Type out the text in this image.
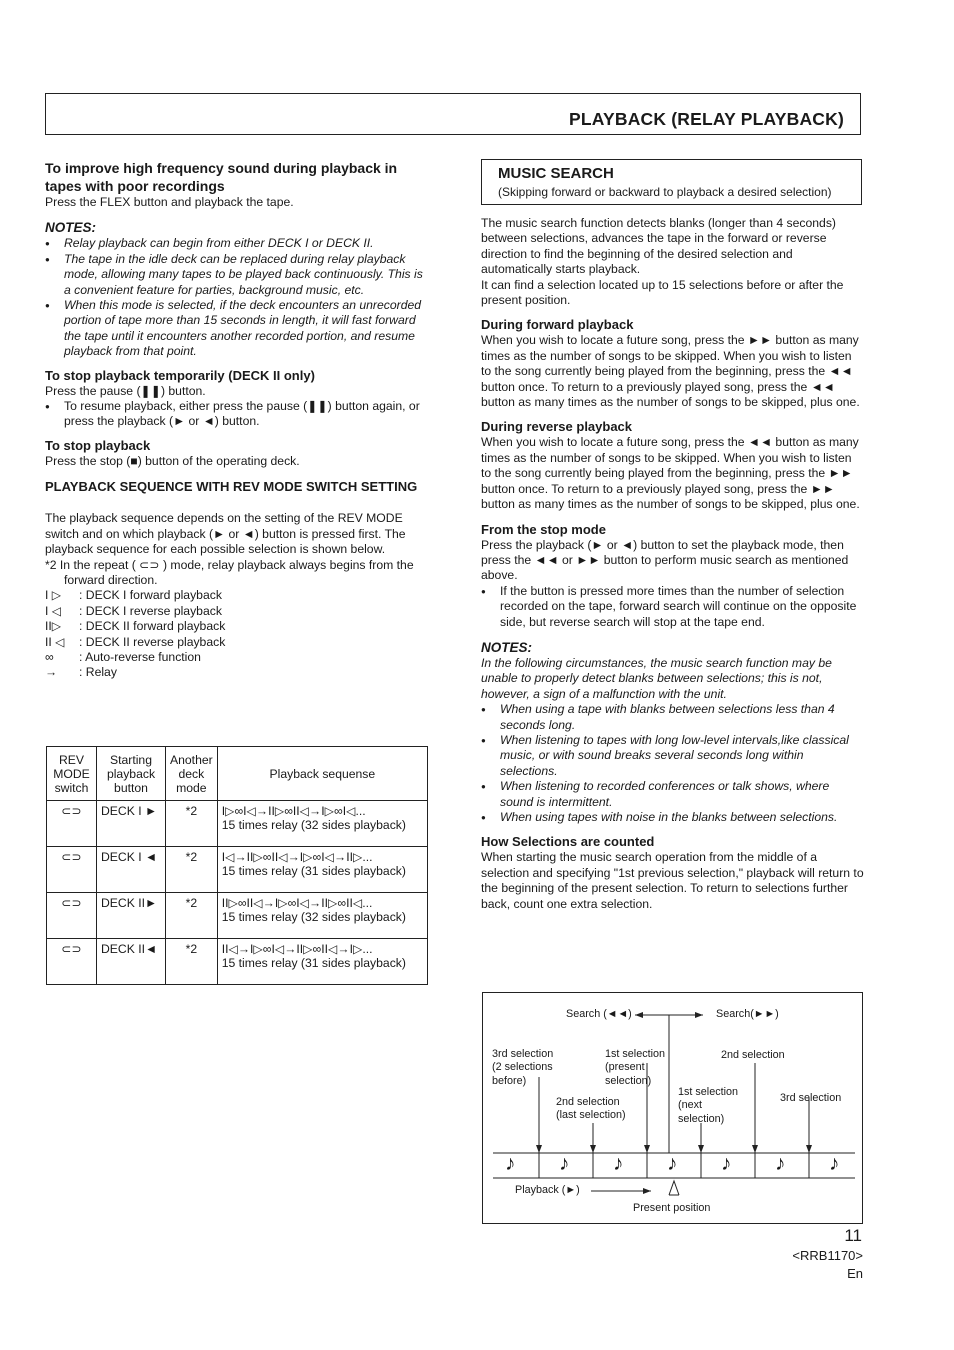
PLAYBACK (RELAY PLAYBACK)

To improve high frequency sound during playback in tapes with poor recordings

Press the FLEX button and playback the tape.

NOTES:

● Relay playback can begin from either DECK I or DECK II.
● The tape in the idle deck can be replaced during relay playback mode, allowing many tapes to be played back continuously. This is a convenient feature for parties, background music, etc.
● When this mode is selected, if the deck encounters an unrecorded portion of tape more than 15 seconds in length, it will fast forward the tape until it encounters another recorded portion, and resume playback from that point.

To stop playback temporarily (DECK II only)

Press the pause (❚❚) button.

● To resume playback, either press the pause (❚❚) button again, or press the playback (► or ◄) button.

To stop playback

Press the stop (■) button of the operating deck.

PLAYBACK SEQUENCE WITH REV MODE SWITCH SETTING

The playback sequence depends on the setting of the REV MODE switch and on which playback (► or ◄) button is pressed first. The playback sequence for each possible selection is shown below.

*2 In the repeat ( ⊂⊃ ) mode, relay playback always begins from the forward direction.

I ▷	: DECK I forward playback
I ◁	: DECK I reverse playback
II▷	: DECK II forward playback
II ◁	: DECK II reverse playback
∞	: Auto-reverse function
→	: Relay
REV MODE switch	Starting playback button	Another deck mode	Playback sequense
⊂⊃	DECK I ►	*2	I▷∞I◁→II▷∞II◁→I▷∞I◁...
15 times relay (32 sides playback)

⊂⊃	DECK I ◄	*2	I◁→II▷∞II◁→I▷∞I◁→II▷...
15 times relay (31 sides playback)

⊂⊃	DECK II►	*2	II▷∞II◁→I▷∞I◁→II▷∞II◁...
15 times relay (32 sides playback)

⊂⊃	DECK II◄	*2	II◁→I▷∞I◁→II▷∞II◁→I▷...
15 times relay (31 sides playback)
MUSIC SEARCH
(Skipping forward or backward to playback a desired selection)

The music search function detects blanks (longer than 4 seconds) between selections, advances the tape in the forward or reverse direction to find the beginning of the desired selection and automatically starts playback.

It can find a selection located up to 15 selections before or after the present position.

During forward playback

When you wish to locate a future song, press the ►► button as many times as the number of songs to be skipped. When you wish to listen to the song currently being played from the beginning, press the ◄◄ button once. To return to a previously played song, press the ◄◄ button as many times as the number of songs to be skipped, plus one.

During reverse playback

When you wish to locate a future song, press the ◄◄ button as many times as the number of songs to be skipped. When you wish to listen to the song currently being played from the beginning, press the ►► button once. To return to a previously played song, press the ►► button as many times as the number of songs to be skipped, plus one.

From the stop mode

Press the playback (► or ◄) button to set the playback mode, then press the ◄◄ or ►► button to perform music search as mentioned above.

● If the button is pressed more times than the number of selection recorded on the tape, forward search will continue on the opposite side, but reverse search will stop at the tape end.

NOTES:

In the following circumstances, the music search function may be unable to properly detect blanks between selections; this is not, however, a sign of a malfunction with the unit.

● When using a tape with blanks between selections less than 4 seconds long.
● When listening to tapes with long low-level intervals,like classical music, or with sound breaks several seconds long within selections.
● When listening to recorded conferences or talk shows, where sound is intermittent.
● When using tapes with noise in the blanks between selections.

How Selections are counted

When starting the music search operation from the middle of a selection and specifying "1st previous selection," playback will return to the beginning of the present selection. To return to selections further back, count one extra selection.

Search (◄◄)	Search(►►)
3rd selection
(2 selections
before)
1st selection
(present
selection)
2nd selection
(last selection)
2nd selection
1st selection
(next
selection)
3rd selection
♪ ♪ ♪ ♪ ♪ ♪ ♪
Playback (►)
Present position
11
<RRB1170>
En
